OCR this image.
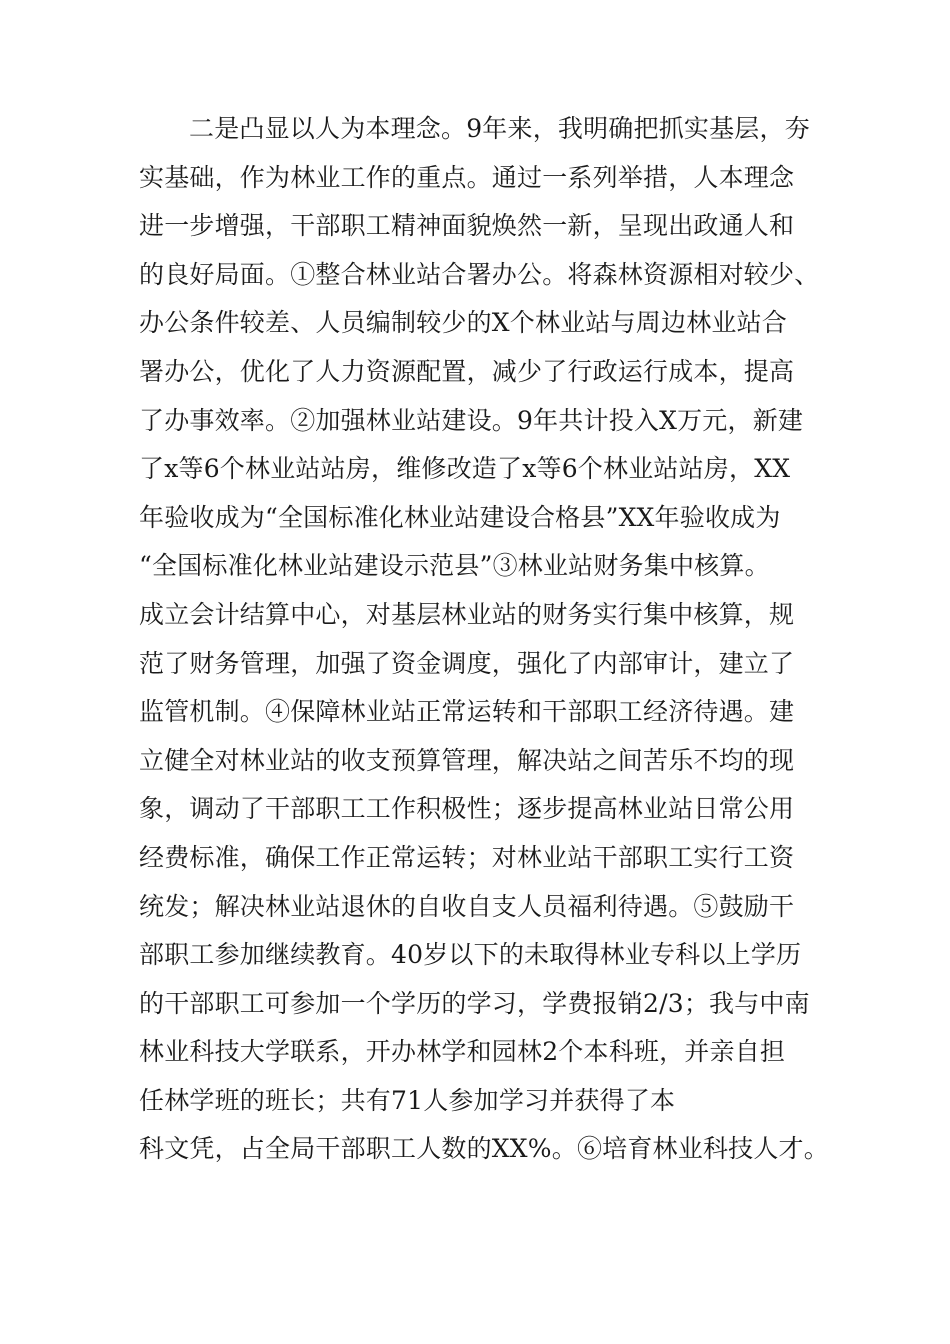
二是凸显以人为本理念。9年来，我明确把抓实基层，夯
实基础，作为林业工作的重点。通过一系列举措，人本理念
进一步增强，干部职工精神面貌焕然一新，呈现出政通人和
的良好局面。①整合林业站合署办公。将森林资源相对较少、
办公条件较差、人员编制较少的X个林业站与周边林业站合
署办公，优化了人力资源配置，减少了行政运行成本，提高
了办事效率。②加强林业站建设。9年共计投入X万元，新建
了x等6个林业站站房，维修改造了x等6个林业站站房，XX
年验收成为“全国标准化林业站建设合格县”XX年验收成为
“全国标准化林业站建设示范县”③林业站财务集中核算。
成立会计结算中心，对基层林业站的财务实行集中核算，规
范了财务管理，加强了资金调度，强化了内部审计，建立了
监管机制。④保障林业站正常运转和干部职工经济待遇。建
立健全对林业站的收支预算管理，解决站之间苦乐不均的现
象，调动了干部职工工作积极性；逐步提高林业站日常公用
经费标准，确保工作正常运转；对林业站干部职工实行工资
统发；解决林业站退休的自收自支人员福利待遇。⑤鼓励干
部职工参加继续教育。40岁以下的未取得林业专科以上学历
的干部职工可参加一个学历的学习，学费报销2/3；我与中南
林业科技大学联系，开办林学和园林2个本科班，并亲自担
任林学班的班长；共有71人参加学习并获得了本
科文凭，占全局干部职工人数的XX%。⑥培育林业科技人才。
